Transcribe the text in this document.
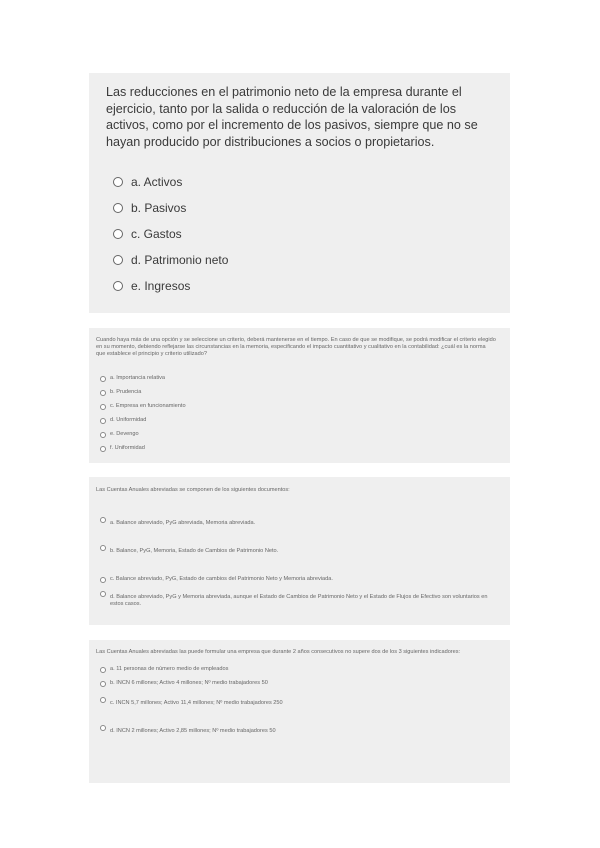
Las reducciones en el patrimonio neto de la empresa durante el ejercicio, tanto por la salida o reducción de la valoración de los activos, como por el incremento de los pasivos, siempre que no se hayan producido por distribuciones a socios o propietarios.

a. Activos
b. Pasivos
c. Gastos
d. Patrimonio neto
e. Ingresos

Cuando haya más de una opción y se seleccione un criterio, deberá mantenerse en el tiempo. En caso de que se modifique, se podrá modificar el criterio elegido en su momento, debiendo reflejarse las circunstancias en la memoria, especificando el impacto cuantitativo y cualitativo en la contabilidad: ¿cuál es la norma que establece el principio y criterio utilizado?

a. Importancia relativa
b. Prudencia
c. Empresa en funcionamiento
d. Uniformidad
e. Devengo
f. Uniformidad

Las Cuentas Anuales abreviadas se componen de los siguientes documentos:

a. Balance abreviado, PyG abreviada, Memoria abreviada.
b. Balance, PyG, Memoria, Estado de Cambios de Patrimonio Neto.
c. Balance abreviado, PyG, Estado de cambios del Patrimonio Neto y Memoria abreviada.
d. Balance abreviado, PyG y Memoria abreviada, aunque el Estado de Cambios de Patrimonio Neto y el Estado de Flujos de Efectivo son voluntarios en estos casos.

Las Cuentas Anuales abreviadas las puede formular una empresa que durante 2 años consecutivos no supere dos de los 3 siguientes indicadores:

a. 11 personas de número medio de empleados
b. INCN 6 millones; Activo 4 millones; Nº medio trabajadores 50
c. INCN 5,7 millones; Activo 11,4 millones; Nº medio trabajadores 250
d. INCN 2 millones; Activo 2,85 millones; Nº medio trabajadores 50
